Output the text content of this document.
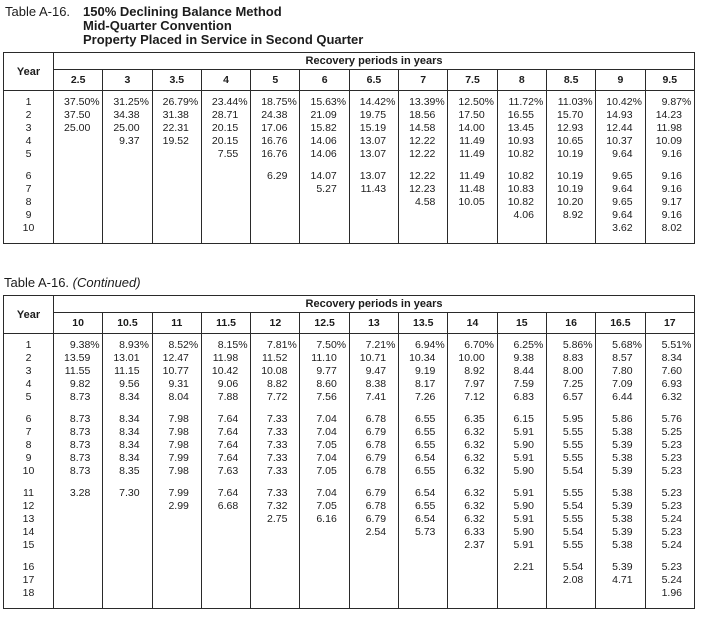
Table A-16. 150% Declining Balance Method
Mid-Quarter Convention
Property Placed in Service in Second Quarter
Year	Recovery periods in years												
	2.5	3	3.5	4	5	6	6.5	7	7.5	8	8.5	9	9.5

1	37.50%	31.25%	26.79%	23.44%	18.75%	15.63%	14.42%	13.39%	12.50%	11.72%	11.03%	10.42%	9.87%
2	37.50	34.38	31.38	28.71	24.38	21.09	19.75	18.56	17.50	16.55	15.70	14.93	14.23
3	25.00	25.00	22.31	20.15	17.06	15.82	15.19	14.58	14.00	13.45	12.93	12.44	11.98
4		9.37	19.52	20.15	16.76	14.06	13.07	12.22	11.49	10.93	10.65	10.37	10.09
5				7.55	16.76	14.06	13.07	12.22	11.49	10.82	10.19	9.64	9.16

6					6.29	14.07	13.07	12.22	11.49	10.82	10.19	9.65	9.16
7						5.27	11.43	12.23	11.48	10.83	10.19	9.64	9.16
8								4.58	10.05	10.82	10.20	9.65	9.17
9										4.06	8.92	9.64	9.16
10												3.62	8.02

Table A-16. (Continued)
Year	Recovery periods in years												
	10	10.5	11	11.5	12	12.5	13	13.5	14	15	16	16.5	17

1	9.38%	8.93%	8.52%	8.15%	7.81%	7.50%	7.21%	6.94%	6.70%	6.25%	5.86%	5.68%	5.51%
2	13.59	13.01	12.47	11.98	11.52	11.10	10.71	10.34	10.00	9.38	8.83	8.57	8.34
3	11.55	11.15	10.77	10.42	10.08	9.77	9.47	9.19	8.92	8.44	8.00	7.80	7.60
4	9.82	9.56	9.31	9.06	8.82	8.60	8.38	8.17	7.97	7.59	7.25	7.09	6.93
5	8.73	8.34	8.04	7.88	7.72	7.56	7.41	7.26	7.12	6.83	6.57	6.44	6.32

6	8.73	8.34	7.98	7.64	7.33	7.04	6.78	6.55	6.35	6.15	5.95	5.86	5.76
7	8.73	8.34	7.98	7.64	7.33	7.04	6.79	6.55	6.32	5.91	5.55	5.38	5.25
8	8.73	8.34	7.98	7.64	7.33	7.05	6.78	6.55	6.32	5.90	5.55	5.39	5.23
9	8.73	8.34	7.99	7.64	7.33	7.04	6.79	6.54	6.32	5.91	5.55	5.38	5.23
10	8.73	8.35	7.98	7.63	7.33	7.05	6.78	6.55	6.32	5.90	5.54	5.39	5.23

11	3.28	7.30	7.99	7.64	7.33	7.04	6.79	6.54	6.32	5.91	5.55	5.38	5.23
12			2.99	6.68	7.32	7.05	6.78	6.55	6.32	5.90	5.54	5.39	5.23
13					2.75	6.16	6.79	6.54	6.32	5.91	5.55	5.38	5.24
14							2.54	5.73	6.33	5.90	5.54	5.39	5.23
15									2.37	5.91	5.55	5.38	5.24

16										2.21	5.54	5.39	5.23
17											2.08	4.71	5.24
18													1.96
